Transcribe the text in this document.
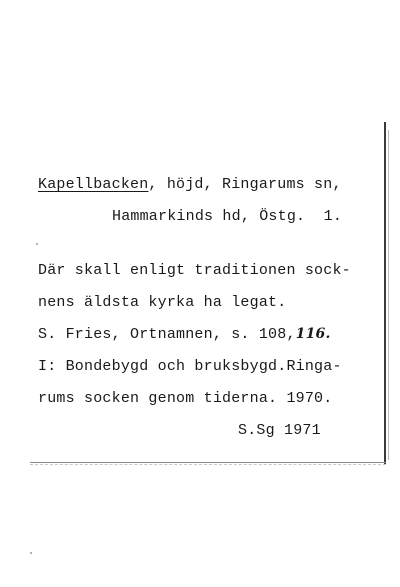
Kapellbacken, höjd, Ringarums sn,
Hammarkinds hd, Östg.  1.
Där skall enligt traditionen sock-
nens äldsta kyrka ha legat.
S. Fries, Ortnamnen, s. 108,116.
I: Bondebygd och bruksbygd.Ringa-
rums socken genom tiderna. 1970.
S.Sg 1971
